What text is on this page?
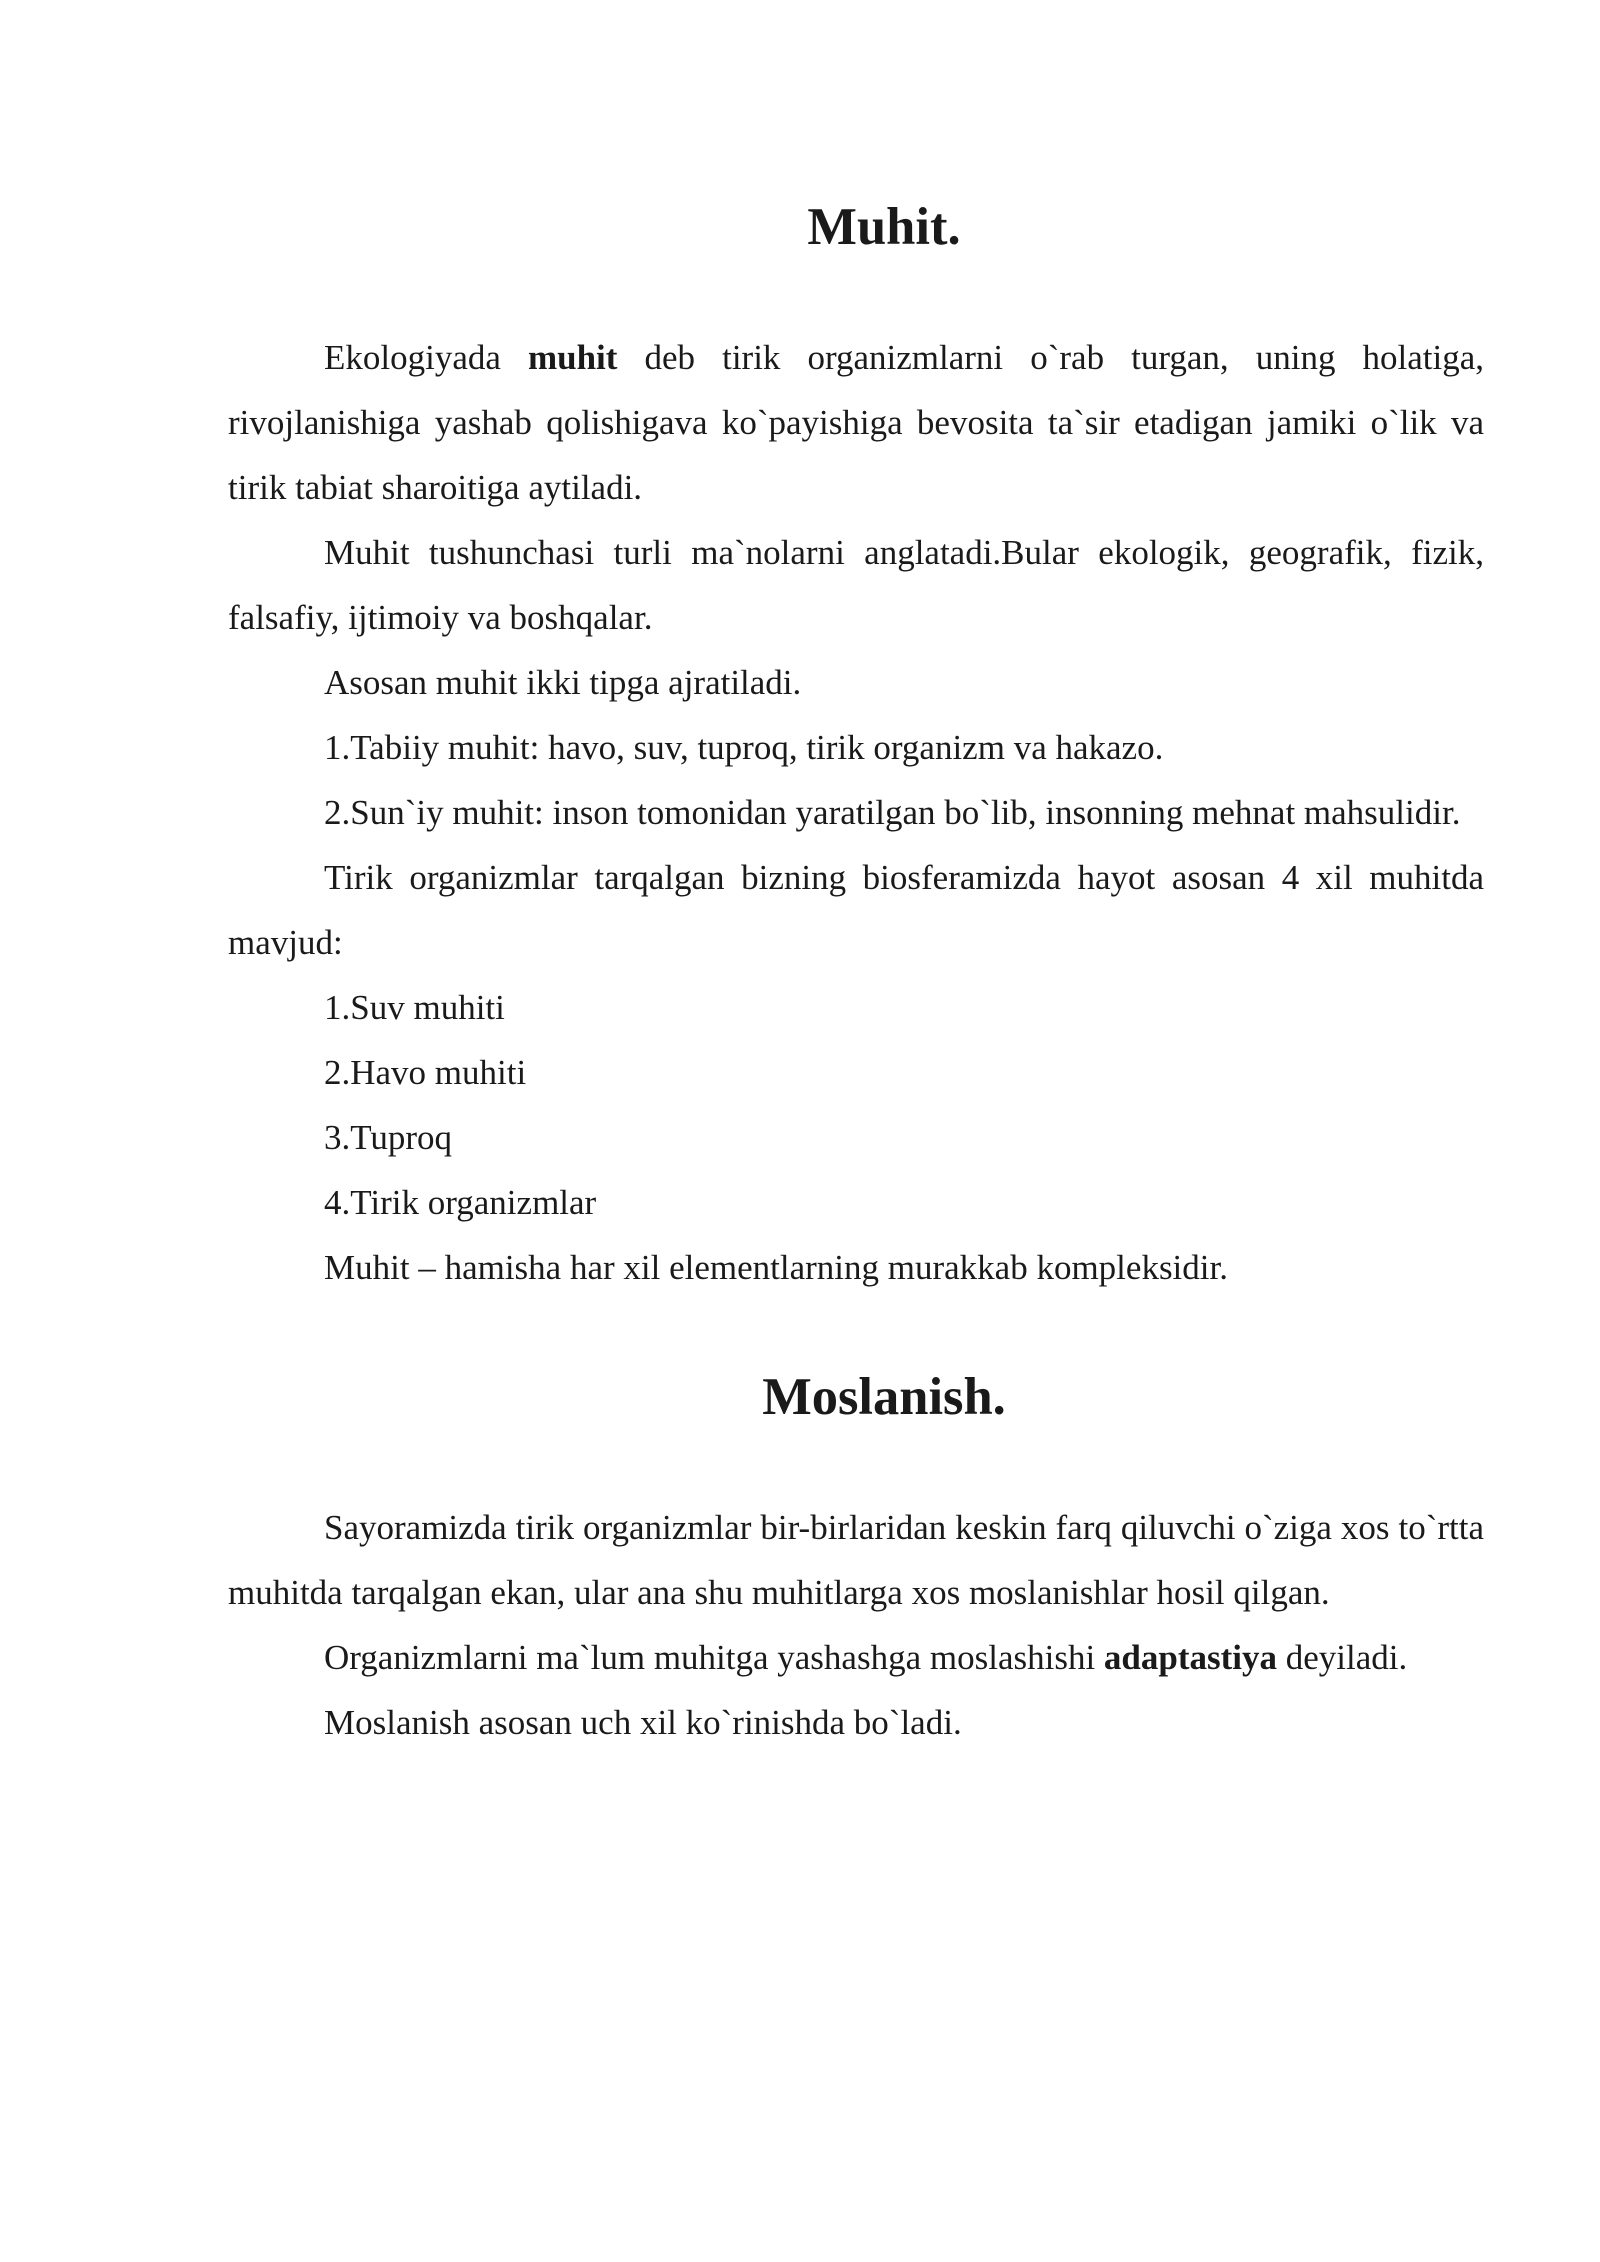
Muhit.

Ekologiyada muhit deb tirik organizmlarni o`rab turgan, uning holatiga, rivojlanishiga yashab qolishigava ko`payishiga bevosita ta`sir etadigan jamiki o`lik va tirik tabiat sharoitiga aytiladi.

Muhit tushunchasi turli ma`nolarni anglatadi.Bular ekologik, geografik, fizik, falsafiy, ijtimoiy va boshqalar.

Asosan muhit ikki tipga ajratiladi.

1.Tabiiy muhit: havo, suv, tuproq, tirik organizm va hakazo.

2.Sun`iy muhit: inson tomonidan yaratilgan bo`lib, insonning mehnat mahsulidir.

Tirik organizmlar tarqalgan bizning biosferamizda hayot asosan 4 xil muhitda mavjud:

1.Suv muhiti

2.Havo muhiti

3.Tuproq

4.Tirik organizmlar

Muhit – hamisha har xil elementlarning murakkab kompleksidir.

Moslanish.

Sayoramizda tirik organizmlar bir-birlaridan keskin farq qiluvchi o`ziga xos to`rtta muhitda tarqalgan ekan, ular ana shu muhitlarga xos moslanishlar hosil qilgan.

Organizmlarni ma`lum muhitga yashashga moslashishi adaptastiya deyiladi.

Moslanish asosan uch xil ko`rinishda bo`ladi.
